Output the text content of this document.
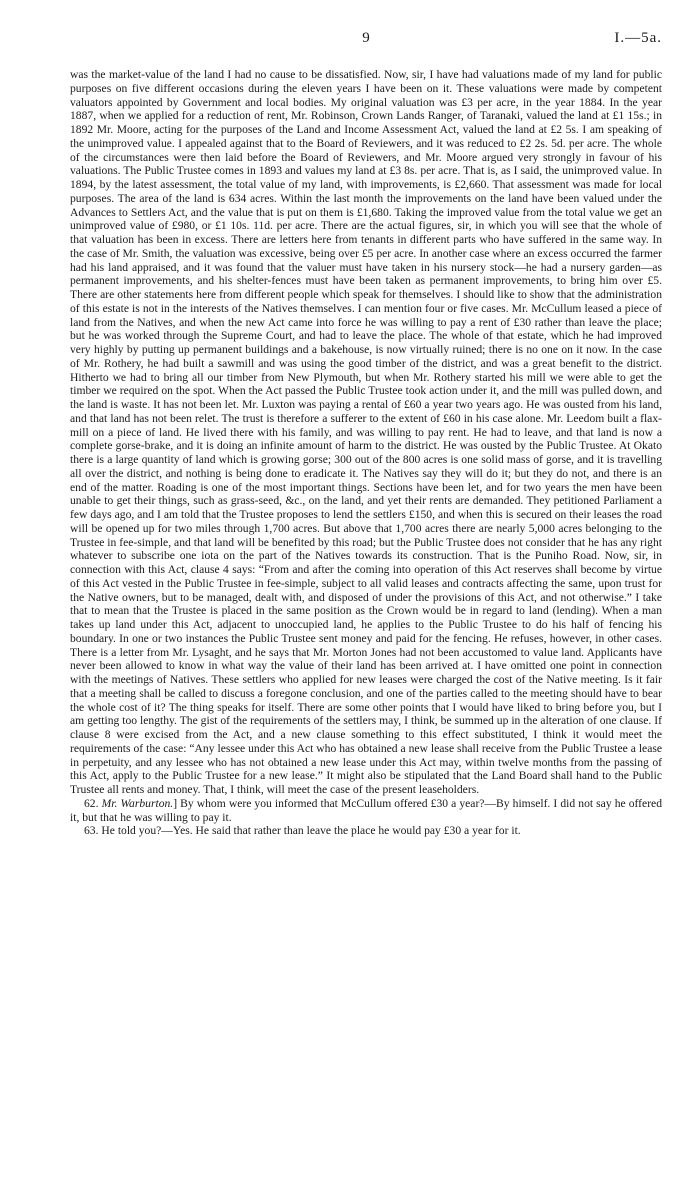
9	I.—5a.

was the market-value of the land I had no cause to be dissatisfied. Now, sir, I have had valuations made of my land for public purposes on five different occasions during the eleven years I have been on it. These valuations were made by competent valuators appointed by Government and local bodies. My original valuation was £3 per acre, in the year 1884. In the year 1887, when we applied for a reduction of rent, Mr. Robinson, Crown Lands Ranger, of Taranaki, valued the land at £1 15s.; in 1892 Mr. Moore, acting for the purposes of the Land and Income Assessment Act, valued the land at £2 5s. I am speaking of the unimproved value. I appealed against that to the Board of Reviewers, and it was reduced to £2 2s. 5d. per acre. The whole of the circumstances were then laid before the Board of Reviewers, and Mr. Moore argued very strongly in favour of his valuations. The Public Trustee comes in 1893 and values my land at £3 8s. per acre. That is, as I said, the unimproved value. In 1894, by the latest assessment, the total value of my land, with improvements, is £2,660. That assessment was made for local purposes. The area of the land is 634 acres. Within the last month the improvements on the land have been valued under the Advances to Settlers Act, and the value that is put on them is £1,680. Taking the improved value from the total value we get an unimproved value of £980, or £1 10s. 11d. per acre. There are the actual figures, sir, in which you will see that the whole of that valuation has been in excess. There are letters here from tenants in different parts who have suffered in the same way. In the case of Mr. Smith, the valuation was excessive, being over £5 per acre. In another case where an excess occurred the farmer had his land appraised, and it was found that the valuer must have taken in his nursery stock—he had a nursery garden—as permanent improvements, and his shelter-fences must have been taken as permanent improvements, to bring him over £5. There are other statements here from different people which speak for themselves. I should like to show that the administration of this estate is not in the interests of the Natives themselves. I can mention four or five cases. Mr. McCullum leased a piece of land from the Natives, and when the new Act came into force he was willing to pay a rent of £30 rather than leave the place; but he was worked through the Supreme Court, and had to leave the place. The whole of that estate, which he had improved very highly by putting up permanent buildings and a bakehouse, is now virtually ruined; there is no one on it now. In the case of Mr. Rothery, he had built a sawmill and was using the good timber of the district, and was a great benefit to the district. Hitherto we had to bring all our timber from New Plymouth, but when Mr. Rothery started his mill we were able to get the timber we required on the spot. When the Act passed the Public Trustee took action under it, and the mill was pulled down, and the land is waste. It has not been let. Mr. Luxton was paying a rental of £60 a year two years ago. He was ousted from his land, and that land has not been relet. The trust is therefore a sufferer to the extent of £60 in his case alone. Mr. Leedom built a flax-mill on a piece of land. He lived there with his family, and was willing to pay rent. He had to leave, and that land is now a complete gorse-brake, and it is doing an infinite amount of harm to the district. He was ousted by the Public Trustee. At Okato there is a large quantity of land which is growing gorse; 300 out of the 800 acres is one solid mass of gorse, and it is travelling all over the district, and nothing is being done to eradicate it. The Natives say they will do it; but they do not, and there is an end of the matter. Roading is one of the most important things. Sections have been let, and for two years the men have been unable to get their things, such as grass-seed, &c., on the land, and yet their rents are demanded. They petitioned Parliament a few days ago, and I am told that the Trustee proposes to lend the settlers £150, and when this is secured on their leases the road will be opened up for two miles through 1,700 acres. But above that 1,700 acres there are nearly 5,000 acres belonging to the Trustee in fee-simple, and that land will be benefited by this road; but the Public Trustee does not consider that he has any right whatever to subscribe one iota on the part of the Natives towards its construction. That is the Puniho Road. Now, sir, in connection with this Act, clause 4 says: “From and after the coming into operation of this Act reserves shall become by virtue of this Act vested in the Public Trustee in fee-simple, subject to all valid leases and contracts affecting the same, upon trust for the Native owners, but to be managed, dealt with, and disposed of under the provisions of this Act, and not otherwise.” I take that to mean that the Trustee is placed in the same position as the Crown would be in regard to land (lending). When a man takes up land under this Act, adjacent to unoccupied land, he applies to the Public Trustee to do his half of fencing his boundary. In one or two instances the Public Trustee sent money and paid for the fencing. He refuses, however, in other cases. There is a letter from Mr. Lysaght, and he says that Mr. Morton Jones had not been accustomed to value land. Applicants have never been allowed to know in what way the value of their land has been arrived at. I have omitted one point in connection with the meetings of Natives. These settlers who applied for new leases were charged the cost of the Native meeting. Is it fair that a meeting shall be called to discuss a foregone conclusion, and one of the parties called to the meeting should have to bear the whole cost of it? The thing speaks for itself. There are some other points that I would have liked to bring before you, but I am getting too lengthy. The gist of the requirements of the settlers may, I think, be summed up in the alteration of one clause. If clause 8 were excised from the Act, and a new clause something to this effect substituted, I think it would meet the requirements of the case: “Any lessee under this Act who has obtained a new lease shall receive from the Public Trustee a lease in perpetuity, and any lessee who has not obtained a new lease under this Act may, within twelve months from the passing of this Act, apply to the Public Trustee for a new lease.” It might also be stipulated that the Land Board shall hand to the Public Trustee all rents and money. That, I think, will meet the case of the present leaseholders.

62. Mr. Warburton.] By whom were you informed that McCullum offered £30 a year?—By himself. I did not say he offered it, but that he was willing to pay it.

63. He told you?—Yes. He said that rather than leave the place he would pay £30 a year for it.
